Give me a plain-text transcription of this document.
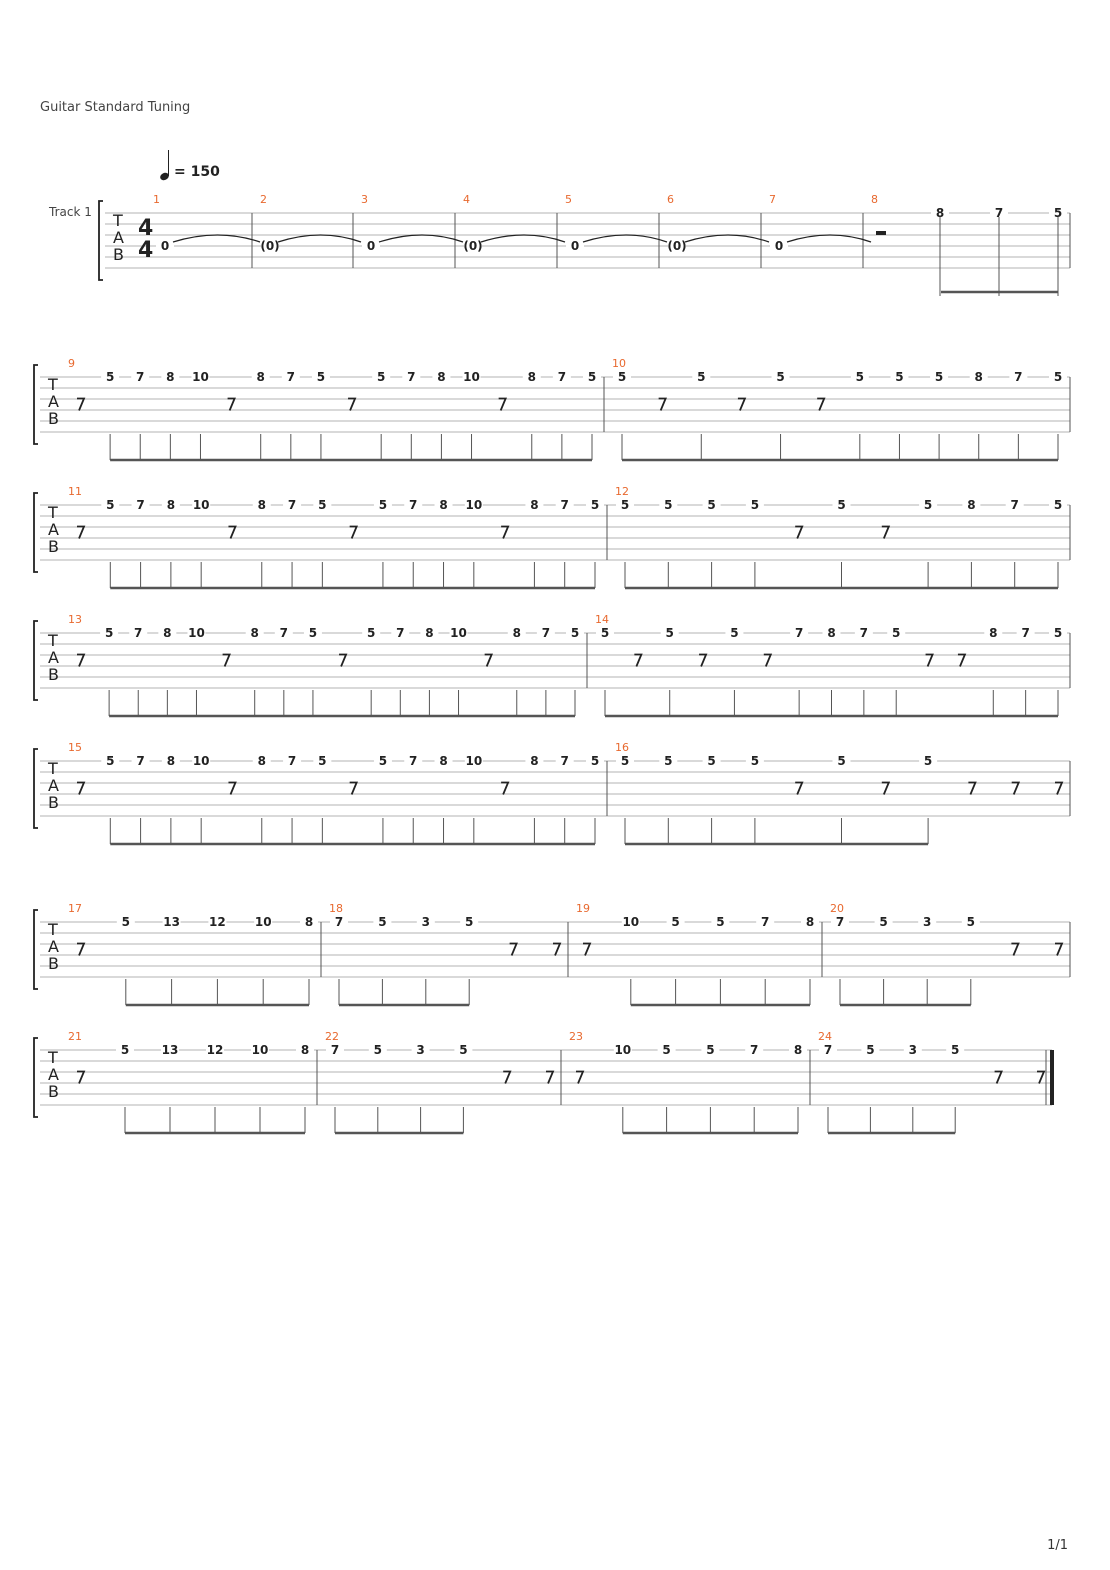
Guitar Standard Tuning
= 150
T
A
B
Track 1
4
4
1
0
2
(0)
3
0
4
(0)
5
0
6
(0)
7
0
8
8	7	5
T
A
B
9
5 7 8 10	8 7 5	5 7 8 10	8 7 5
10
5	5	5	5	5	5	8	7	5
T
A
B
11
5 7 8 10	8 7 5	5 7 8 10	8 7 5
12
5	5	5	5	5	5	8	7	5
T
A
B
13
5 7 8 10	8 7 5	5 7 8 10	8 7 5
14
5	5	5	7 8 7 5	8 7 5
T
A
B
15
5 7 8 10	8 7 5	5 7 8 10	8 7 5
16
5	5	5	5	5	5
T
A
B
17
5	13 12 10	8
18
7	5	3	5
19
10	5	5	7	8
20
7	5	3	5
T
A
B
21
5	13 12 10	8
22
7	5	3	5
23
10	5	5	7	8
24
7	5	3	5
1/1
